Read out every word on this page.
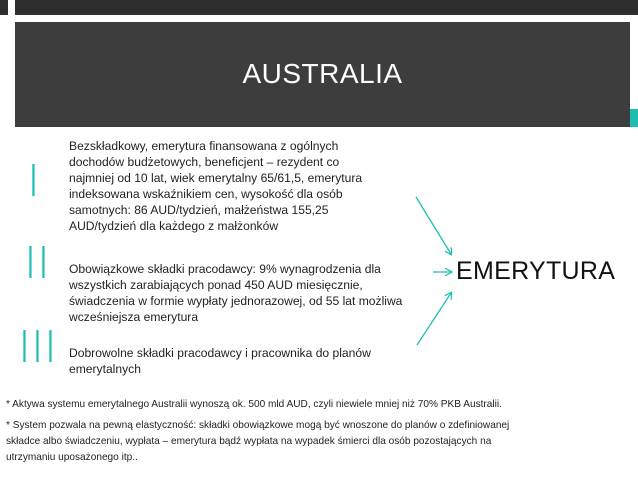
AUSTRALIA
I
II
III
Bezskładkowy, emerytura finansowana z ogólnych
dochodów budżetowych, beneficjent – rezydent co
najmniej od 10 lat, wiek emerytalny 65/61,5, emerytura
indeksowana wskaźnikiem cen, wysokość dla osób
samotnych: 86 AUD/tydzień, małżeństwa 155,25
AUD/tydzień dla każdego z małżonków
Obowiązkowe składki pracodawcy: 9% wynagrodzenia dla
wszystkich zarabiających ponad 450 AUD miesięcznie,
świadczenia w formie wypłaty jednorazowej, od 55 lat możliwa
wcześniejsza emerytura
Dobrowolne składki pracodawcy i pracownika do planów
emerytalnych
EMERYTURA
* Aktywa systemu emerytalnego Australii wynoszą ok. 500 mld AUD, czyli niewiele mniej niż 70% PKB Australii.
* System pozwala na pewną elastyczność: składki obowiązkowe mogą być wnoszone do planów o zdefiniowanej
składce albo świadczeniu, wypłata – emerytura bądź wypłata na wypadek śmierci dla osób pozostających na
utrzymaniu uposażonego itp..
